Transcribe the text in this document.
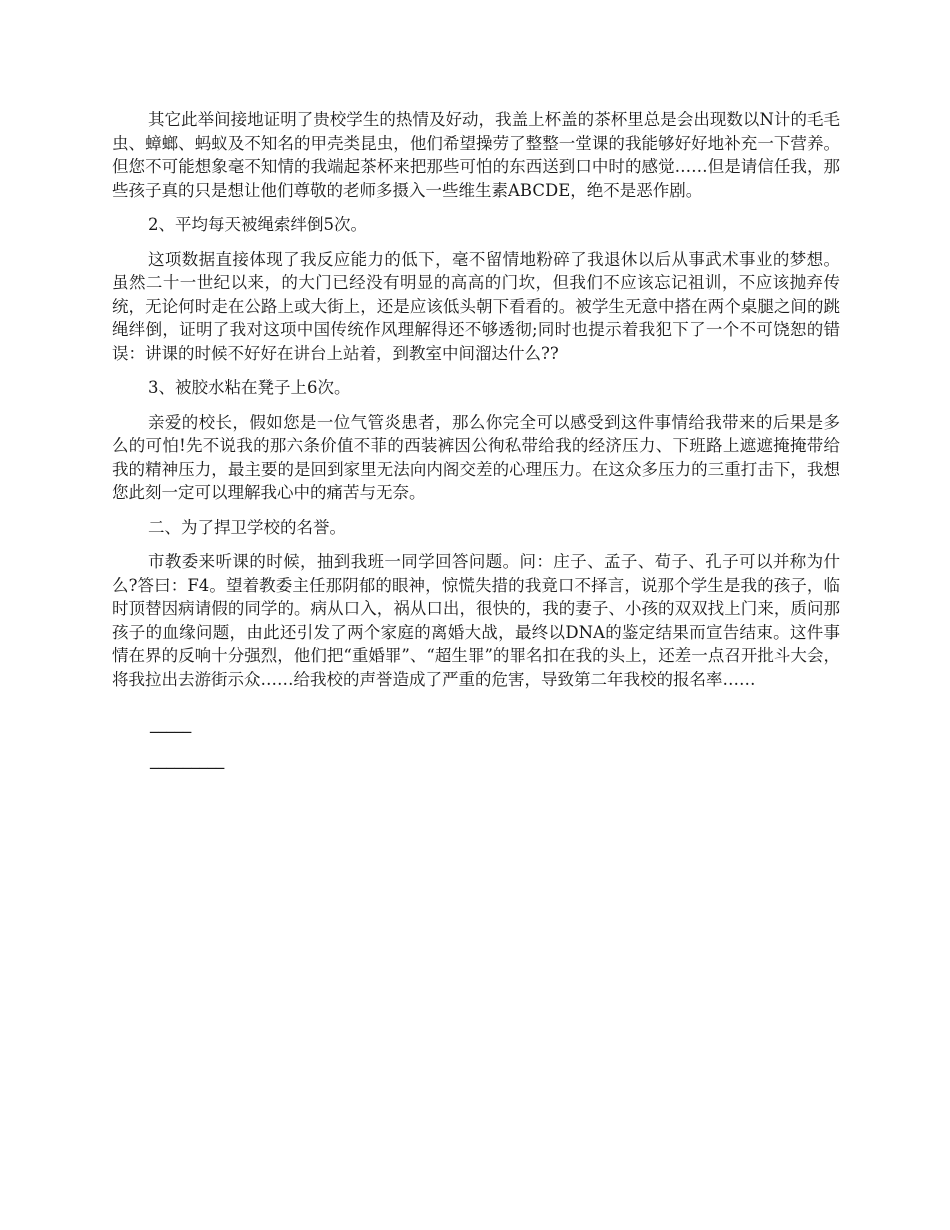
其它此举间接地证明了贵校学生的热情及好动，我盖上杯盖的茶杯里总是会出现数以N计的毛毛虫、蟑螂、蚂蚁及不知名的甲壳类昆虫，他们希望操劳了整整一堂课的我能够好好地补充一下营养。但您不可能想象毫不知情的我端起茶杯来把那些可怕的东西送到口中时的感觉……但是请信任我，那些孩子真的只是想让他们尊敬的老师多摄入一些维生素ABCDE，绝不是恶作剧。

2、平均每天被绳索绊倒5次。

这项数据直接体现了我反应能力的低下，毫不留情地粉碎了我退休以后从事武术事业的梦想。虽然二十一世纪以来，的大门已经没有明显的高高的门坎，但我们不应该忘记祖训，不应该抛弃传统，无论何时走在公路上或大街上，还是应该低头朝下看看的。被学生无意中搭在两个桌腿之间的跳绳绊倒，证明了我对这项中国传统作风理解得还不够透彻;同时也提示着我犯下了一个不可饶恕的错误：讲课的时候不好好在讲台上站着，到教室中间溜达什么??

3、被胶水粘在凳子上6次。

亲爱的校长，假如您是一位气管炎患者，那么你完全可以感受到这件事情给我带来的后果是多么的可怕!先不说我的那六条价值不菲的西装裤因公徇私带给我的经济压力、下班路上遮遮掩掩带给我的精神压力，最主要的是回到家里无法向内阁交差的心理压力。在这众多压力的三重打击下，我想您此刻一定可以理解我心中的痛苦与无奈。

二、为了捍卫学校的名誉。

市教委来听课的时候，抽到我班一同学回答问题。问：庄子、孟子、荀子、孔子可以并称为什么?答曰：F4。望着教委主任那阴郁的眼神，惊慌失措的我竟口不择言，说那个学生是我的孩子，临时顶替因病请假的同学的。病从口入，祸从口出，很快的，我的妻子、小孩的双双找上门来，质问那孩子的血缘问题，由此还引发了两个家庭的离婚大战，最终以DNA的鉴定结果而宣告结束。这件事情在界的反响十分强烈，他们把“重婚罪”、“超生罪”的罪名扣在我的头上，还差一点召开批斗大会，将我拉出去游街示众……给我校的声誉造成了严重的危害，导致第二年我校的报名率……

_____
_________
